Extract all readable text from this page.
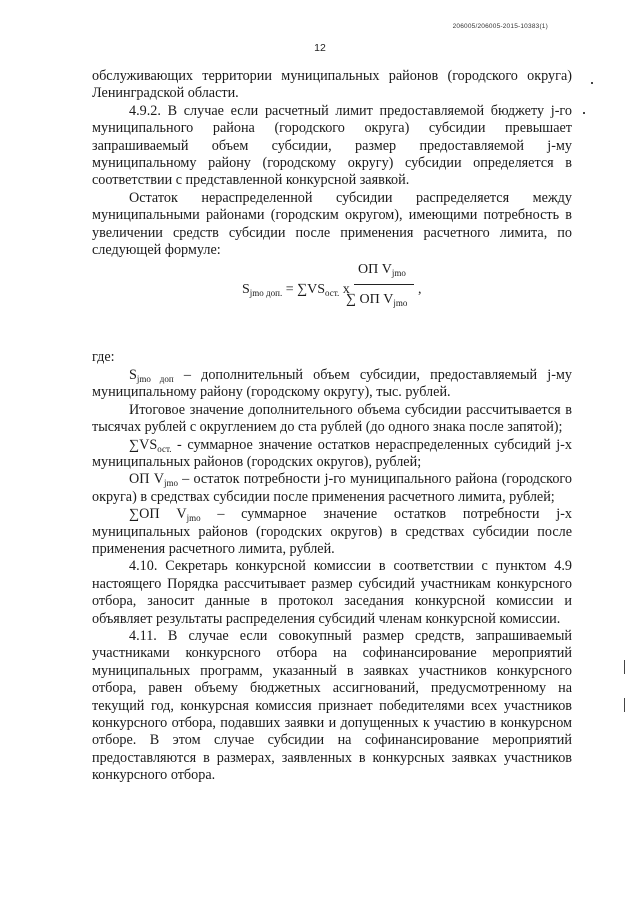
206005/206005-2015-10383(1)
12

обслуживающих территории муниципальных районов (городского округа) Ленинградской области.

4.9.2. В случае если расчетный лимит предоставляемой бюджету j-го муниципального района (городского округа) субсидии превышает запрашиваемый объем субсидии, размер предоставляемой j-му муниципальному району (городскому округу) субсидии определяется в соответствии с представленной конкурсной заявкой.

Остаток нераспределенной субсидии распределяется между муниципальными районами (городским округом), имеющими потребность в увеличении средств субсидии после применения расчетного лимита, по следующей формуле:

$S_{jmo доп.} = \sum VS_{ост.}$ x
ОП $V_{jmo}$
∑ ОП $V_{jmo}$
,

где:

$S_{jmo доп}$ – дополнительный объем субсидии, предоставляемый j-му муниципальному району (городскому округу), тыс. рублей.

Итоговое значение дополнительного объема субсидии рассчитывается в тысячах рублей с округлением до ста рублей (до одного знака после запятой);

$\sum VS_{ост.}$ - суммарное значение остатков нераспределенных субсидий j-х муниципальных районов (городских округов), рублей;

ОП $V_{jmo}$ – остаток потребности j-го муниципального района (городского округа) в средствах субсидии после применения расчетного лимита, рублей;

∑ОП $V_{jmo}$ – суммарное значение остатков потребности j-х муниципальных районов (городских округов) в средствах субсидии после применения расчетного лимита, рублей.

4.10. Секретарь конкурсной комиссии в соответствии с пунктом 4.9 настоящего Порядка рассчитывает размер субсидий участникам конкурсного отбора, заносит данные в протокол заседания конкурсной комиссии и объявляет результаты распределения субсидий членам конкурсной комиссии.

4.11. В случае если совокупный размер средств, запрашиваемый участниками конкурсного отбора на софинансирование мероприятий муниципальных программ, указанный в заявках участников конкурсного отбора, равен объему бюджетных ассигнований, предусмотренному на текущий год, конкурсная комиссия признает победителями всех участников конкурсного отбора, подавших заявки и допущенных к участию в конкурсном отборе. В этом случае субсидии на софинансирование мероприятий предоставляются в размерах, заявленных в конкурсных заявках участников конкурсного отбора.
